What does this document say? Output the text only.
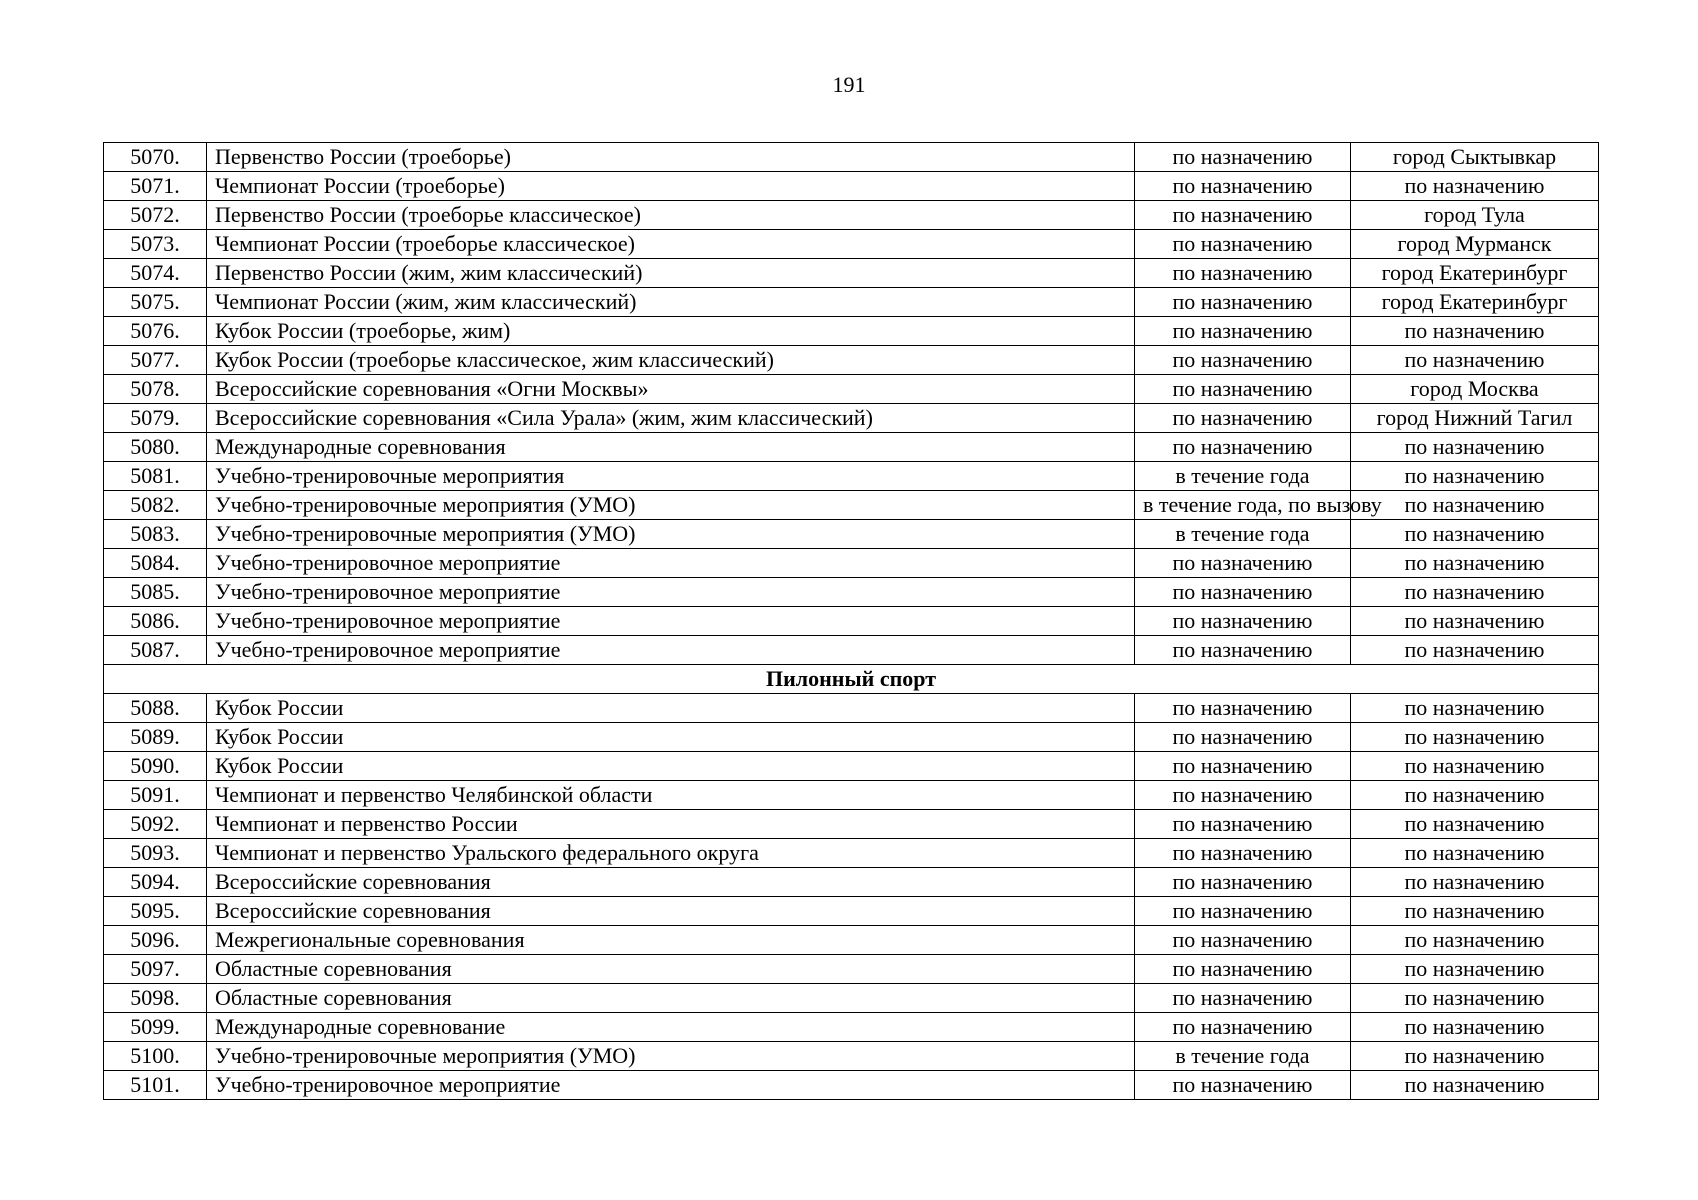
191
5070.	Первенство России (троеборье)	по назначению	город Сыктывкар
5071.	Чемпионат России (троеборье)	по назначению	по назначению
5072.	Первенство России (троеборье классическое)	по назначению	город Тула
5073.	Чемпионат России (троеборье классическое)	по назначению	город Мурманск
5074.	Первенство России (жим, жим классический)	по назначению	город Екатеринбург
5075.	Чемпионат России (жим, жим классический)	по назначению	город Екатеринбург
5076.	Кубок России (троеборье, жим)	по назначению	по назначению
5077.	Кубок России (троеборье классическое, жим классический)	по назначению	по назначению
5078.	Всероссийские соревнования «Огни Москвы»	по назначению	город Москва
5079.	Всероссийские соревнования «Сила Урала» (жим, жим классический)	по назначению	город Нижний Тагил
5080.	Международные соревнования	по назначению	по назначению
5081.	Учебно-тренировочные мероприятия	в течение года	по назначению
5082.	Учебно-тренировочные мероприятия (УМО)	в течение года, по вызову	по назначению
5083.	Учебно-тренировочные мероприятия (УМО)	в течение года	по назначению
5084.	Учебно-тренировочное мероприятие	по назначению	по назначению
5085.	Учебно-тренировочное мероприятие	по назначению	по назначению
5086.	Учебно-тренировочное мероприятие	по назначению	по назначению
5087.	Учебно-тренировочное мероприятие	по назначению	по назначению
Пилонный спорт			
5088.	Кубок России	по назначению	по назначению
5089.	Кубок России	по назначению	по назначению
5090.	Кубок России	по назначению	по назначению
5091.	Чемпионат и первенство Челябинской области	по назначению	по назначению
5092.	Чемпионат и первенство России	по назначению	по назначению
5093.	Чемпионат и первенство Уральского федерального округа	по назначению	по назначению
5094.	Всероссийские соревнования	по назначению	по назначению
5095.	Всероссийские соревнования	по назначению	по назначению
5096.	Межрегиональные соревнования	по назначению	по назначению
5097.	Областные соревнования	по назначению	по назначению
5098.	Областные соревнования	по назначению	по назначению
5099.	Международные соревнование	по назначению	по назначению
5100.	Учебно-тренировочные мероприятия (УМО)	в течение года	по назначению
5101.	Учебно-тренировочное мероприятие	по назначению	по назначению
